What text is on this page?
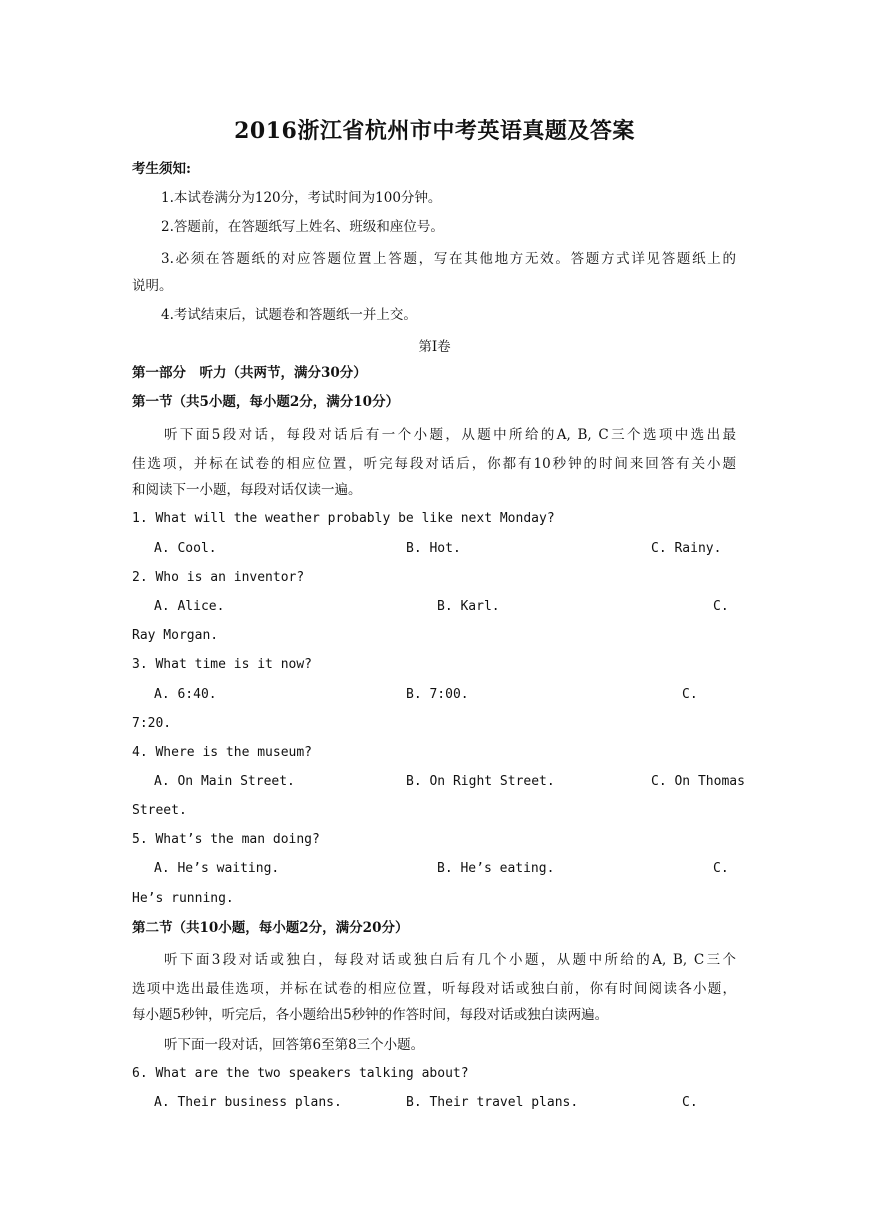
2016浙江省杭州市中考英语真题及答案
考生须知:
1.本试卷满分为120分，考试时间为100分钟。
2.答题前，在答题纸写上姓名、班级和座位号。
3.必须在答题纸的对应答题位置上答题，写在其他地方无效。答题方式详见答题纸上的
说明。
4.考试结束后，试题卷和答题纸一并上交。
第Ⅰ卷
第一部分　听力（共两节，满分30分）
第一节（共5小题，每小题2分，满分10分）
听下面5段对话，每段对话后有一个小题，从题中所给的A, B, C三个选项中选出最
佳选项，并标在试卷的相应位置，听完每段对话后，你都有10秒钟的时间来回答有关小题
和阅读下一小题，每段对话仅读一遍。
1. What will the weather probably be like next Monday?
A. Cool.	B. Hot.	C. Rainy.
2. Who is an inventor?
A. Alice.	B. Karl.	C.
Ray Morgan.
3. What time is it now?
A. 6:40.	B. 7:00.	C.
7:20.
4. Where is the museum?
A. On Main Street.	B. On Right Street.	C. On Thomas
Street.
5. What’s the man doing?
A. He’s waiting.	B. He’s eating.	C.
He’s running.
第二节（共10小题，每小题2分，满分20分）
听下面3段对话或独白，每段对话或独白后有几个小题，从题中所给的A, B, C三个
选项中选出最佳选项，并标在试卷的相应位置，听每段对话或独白前，你有时间阅读各小题，
每小题5秒钟，听完后，各小题给出5秒钟的作答时间，每段对话或独白读两遍。
听下面一段对话，回答第6至第8三个小题。
6. What are the two speakers talking about?
A. Their business plans.	B. Their travel plans.	C.
